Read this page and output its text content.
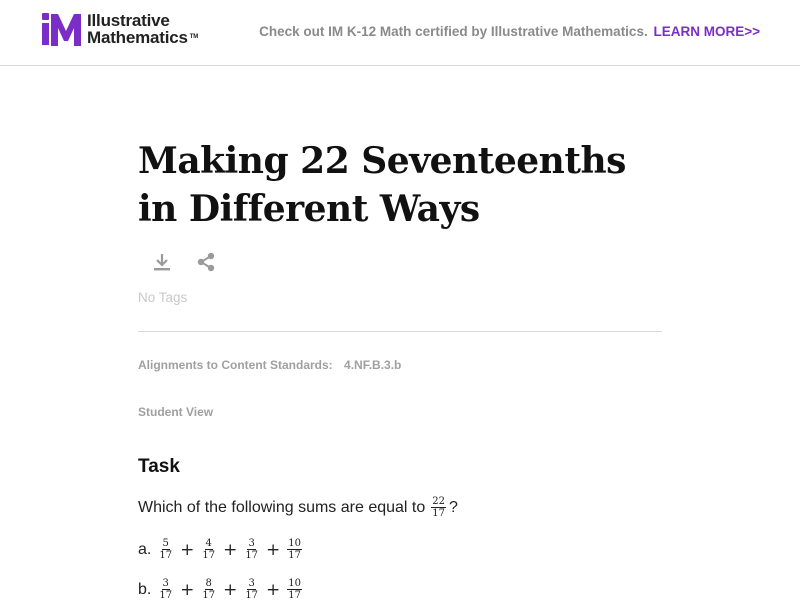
Illustrative
Mathematics ™	Check out IM K-12 Math certified by Illustrative Mathematics. LEARN MORE>>
Making 22 Seventeenths in Different Ways
No Tags
Alignments to Content Standards: 4.NF.B.3.b
Student View
Task
Which of the following sums are equal to $\frac{22}{17}$ ?
a. $\frac{5}{17} + \frac{4}{17} + \frac{3}{17} + \frac{10}{17}$
b. $\frac{3}{17} + \frac{8}{17} + \frac{3}{17} + \frac{10}{17}$
